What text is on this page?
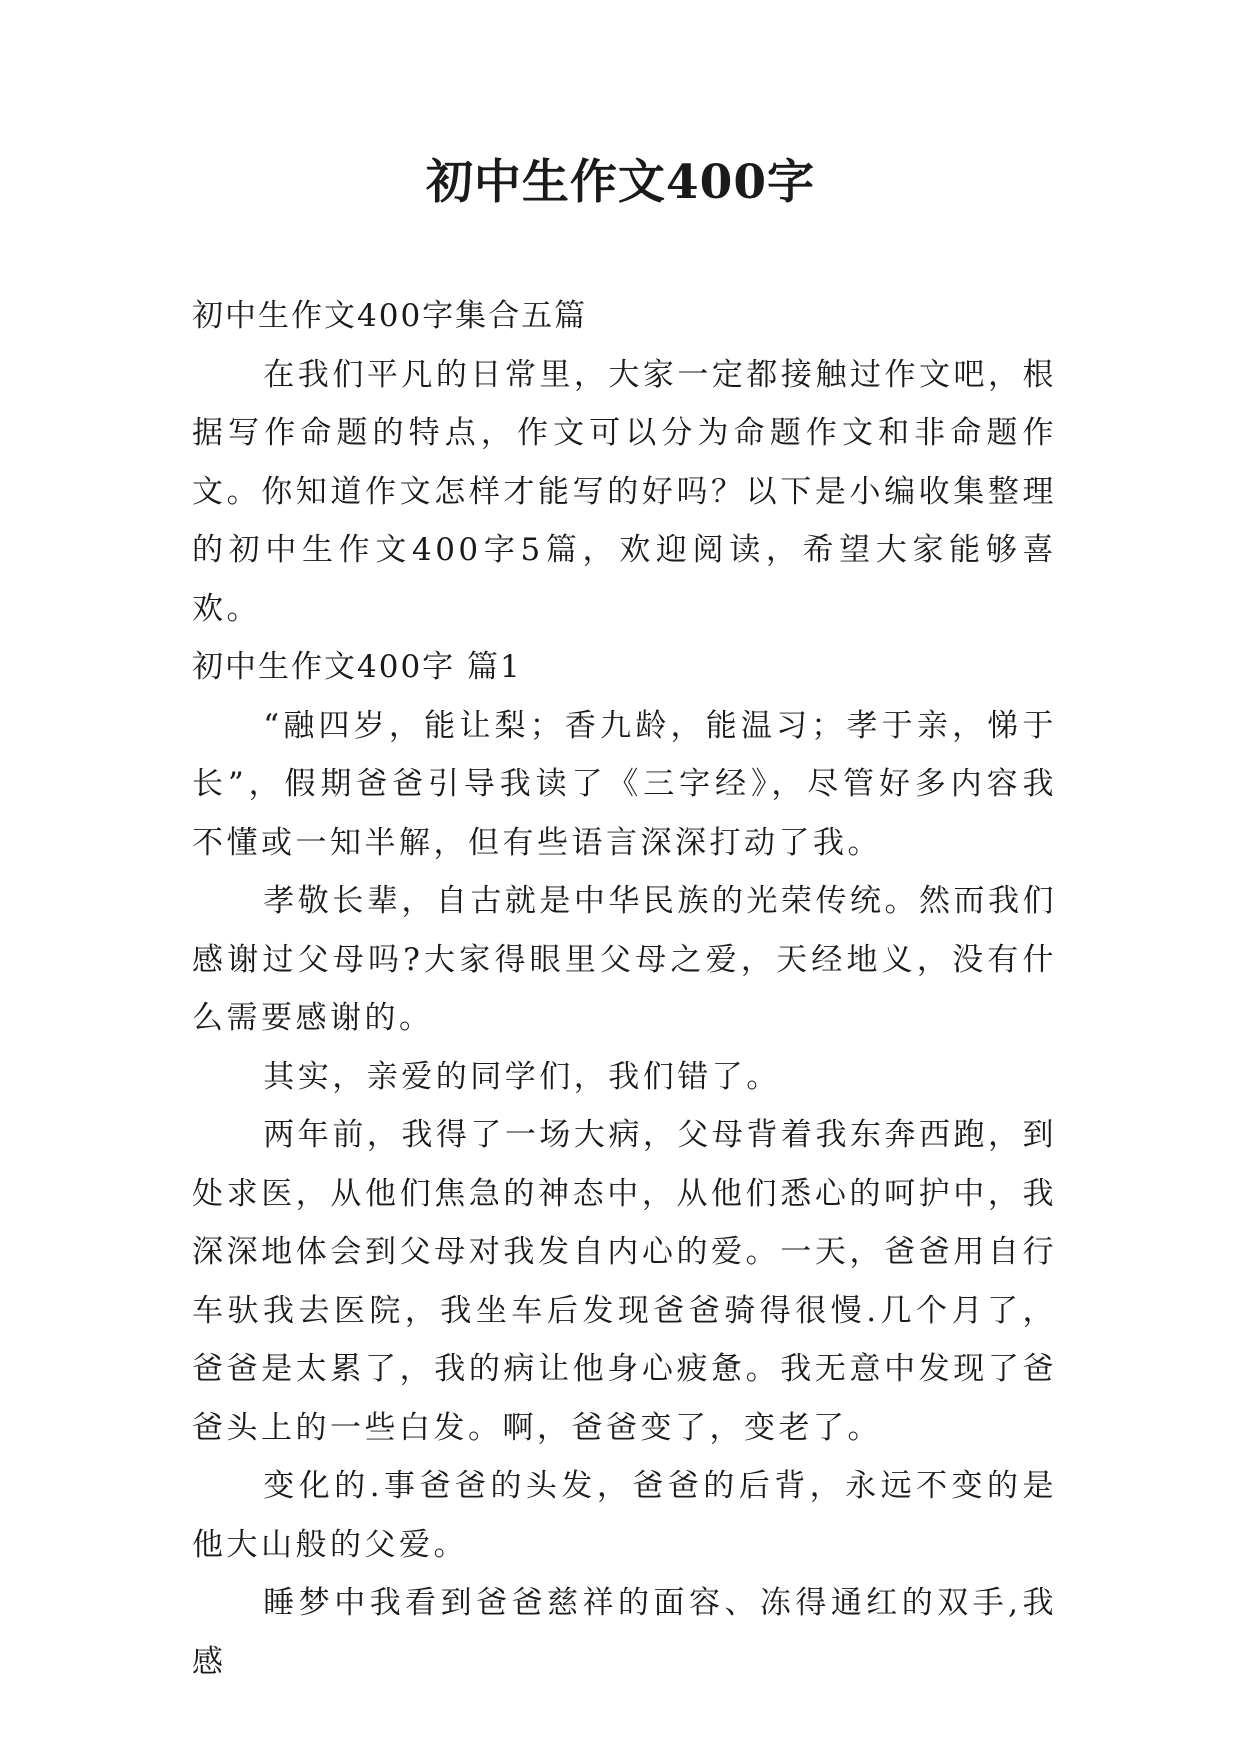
初中生作文400字

初中生作文400字集合五篇

在我们平凡的日常里，大家一定都接触过作文吧，根据写作命题的特点，作文可以分为命题作文和非命题作文。你知道作文怎样才能写的好吗？以下是小编收集整理的初中生作文400字5篇，欢迎阅读，希望大家能够喜欢。

初中生作文400字 篇1

“融四岁，能让梨；香九龄，能温习；孝于亲，悌于长”，假期爸爸引导我读了《三字经》，尽管好多内容我不懂或一知半解，但有些语言深深打动了我。

孝敬长辈，自古就是中华民族的光荣传统。然而我们感谢过父母吗?大家得眼里父母之爱，天经地义，没有什么需要感谢的。

其实，亲爱的同学们，我们错了。

两年前，我得了一场大病，父母背着我东奔西跑，到处求医，从他们焦急的神态中，从他们悉心的呵护中，我深深地体会到父母对我发自内心的爱。一天，爸爸用自行车驮我去医院，我坐车后发现爸爸骑得很慢.几个月了，爸爸是太累了，我的病让他身心疲惫。我无意中发现了爸爸头上的一些白发。啊，爸爸变了，变老了。

变化的.事爸爸的头发，爸爸的后背，永远不变的是他大山般的父爱。

睡梦中我看到爸爸慈祥的面容、冻得通红的双手,我感
